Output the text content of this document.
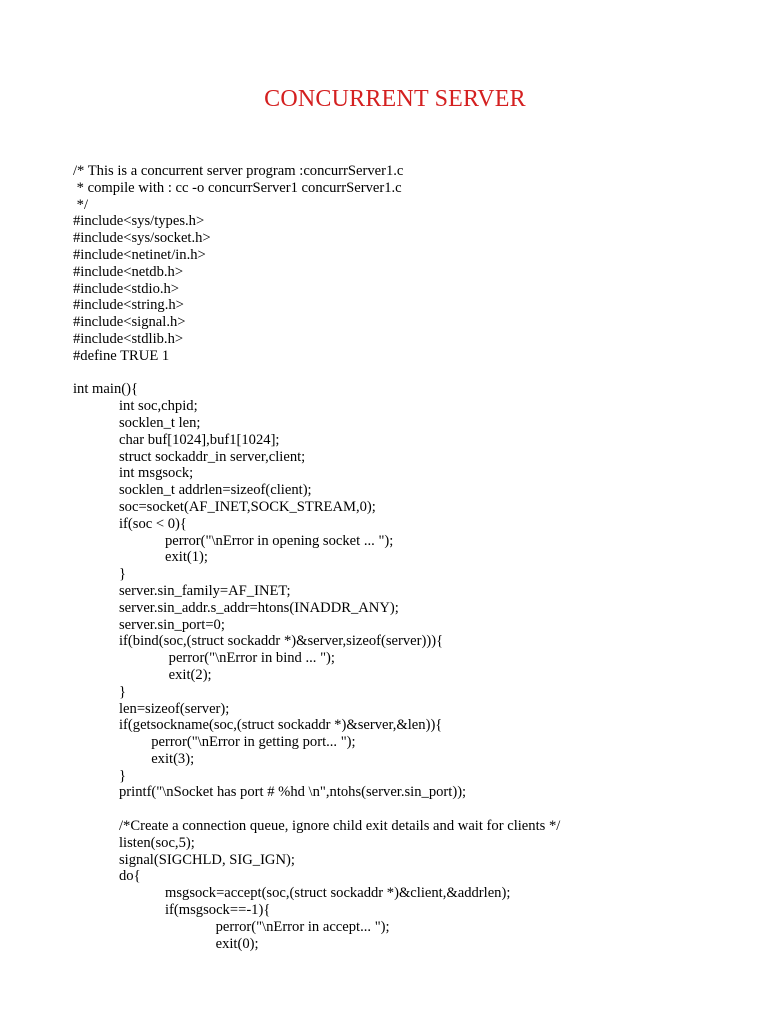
CONCURRENT SERVER
/* This is a concurrent server program :concurrServer1.c
* compile with : cc -o concurrServer1 concurrServer1.c
*/
#include<sys/types.h>
#include<sys/socket.h>
#include<netinet/in.h>
#include<netdb.h>
#include<stdio.h>
#include<string.h>
#include<signal.h>
#include<stdlib.h>
#define TRUE 1
int main(){
int soc,chpid;
socklen_t len;
char buf[1024],buf1[1024];
struct sockaddr_in server,client;
int msgsock;
socklen_t addrlen=sizeof(client);
soc=socket(AF_INET,SOCK_STREAM,0);
if(soc < 0){
perror("\nError in opening socket ... ");
exit(1);
}
server.sin_family=AF_INET;
server.sin_addr.s_addr=htons(INADDR_ANY);
server.sin_port=0;
if(bind(soc,(struct sockaddr *)&server,sizeof(server))){
perror("\nError in bind ... ");
exit(2);
}
len=sizeof(server);
if(getsockname(soc,(struct sockaddr *)&server,&len)){
perror("\nError in getting port... ");
exit(3);
}
printf("\nSocket has port # %hd \n",ntohs(server.sin_port));
/*Create a connection queue, ignore child exit details and wait for clients */
listen(soc,5);
signal(SIGCHLD, SIG_IGN);
do{
msgsock=accept(soc,(struct sockaddr *)&client,&addrlen);
if(msgsock==-1){
perror("\nError in accept... ");
exit(0);
